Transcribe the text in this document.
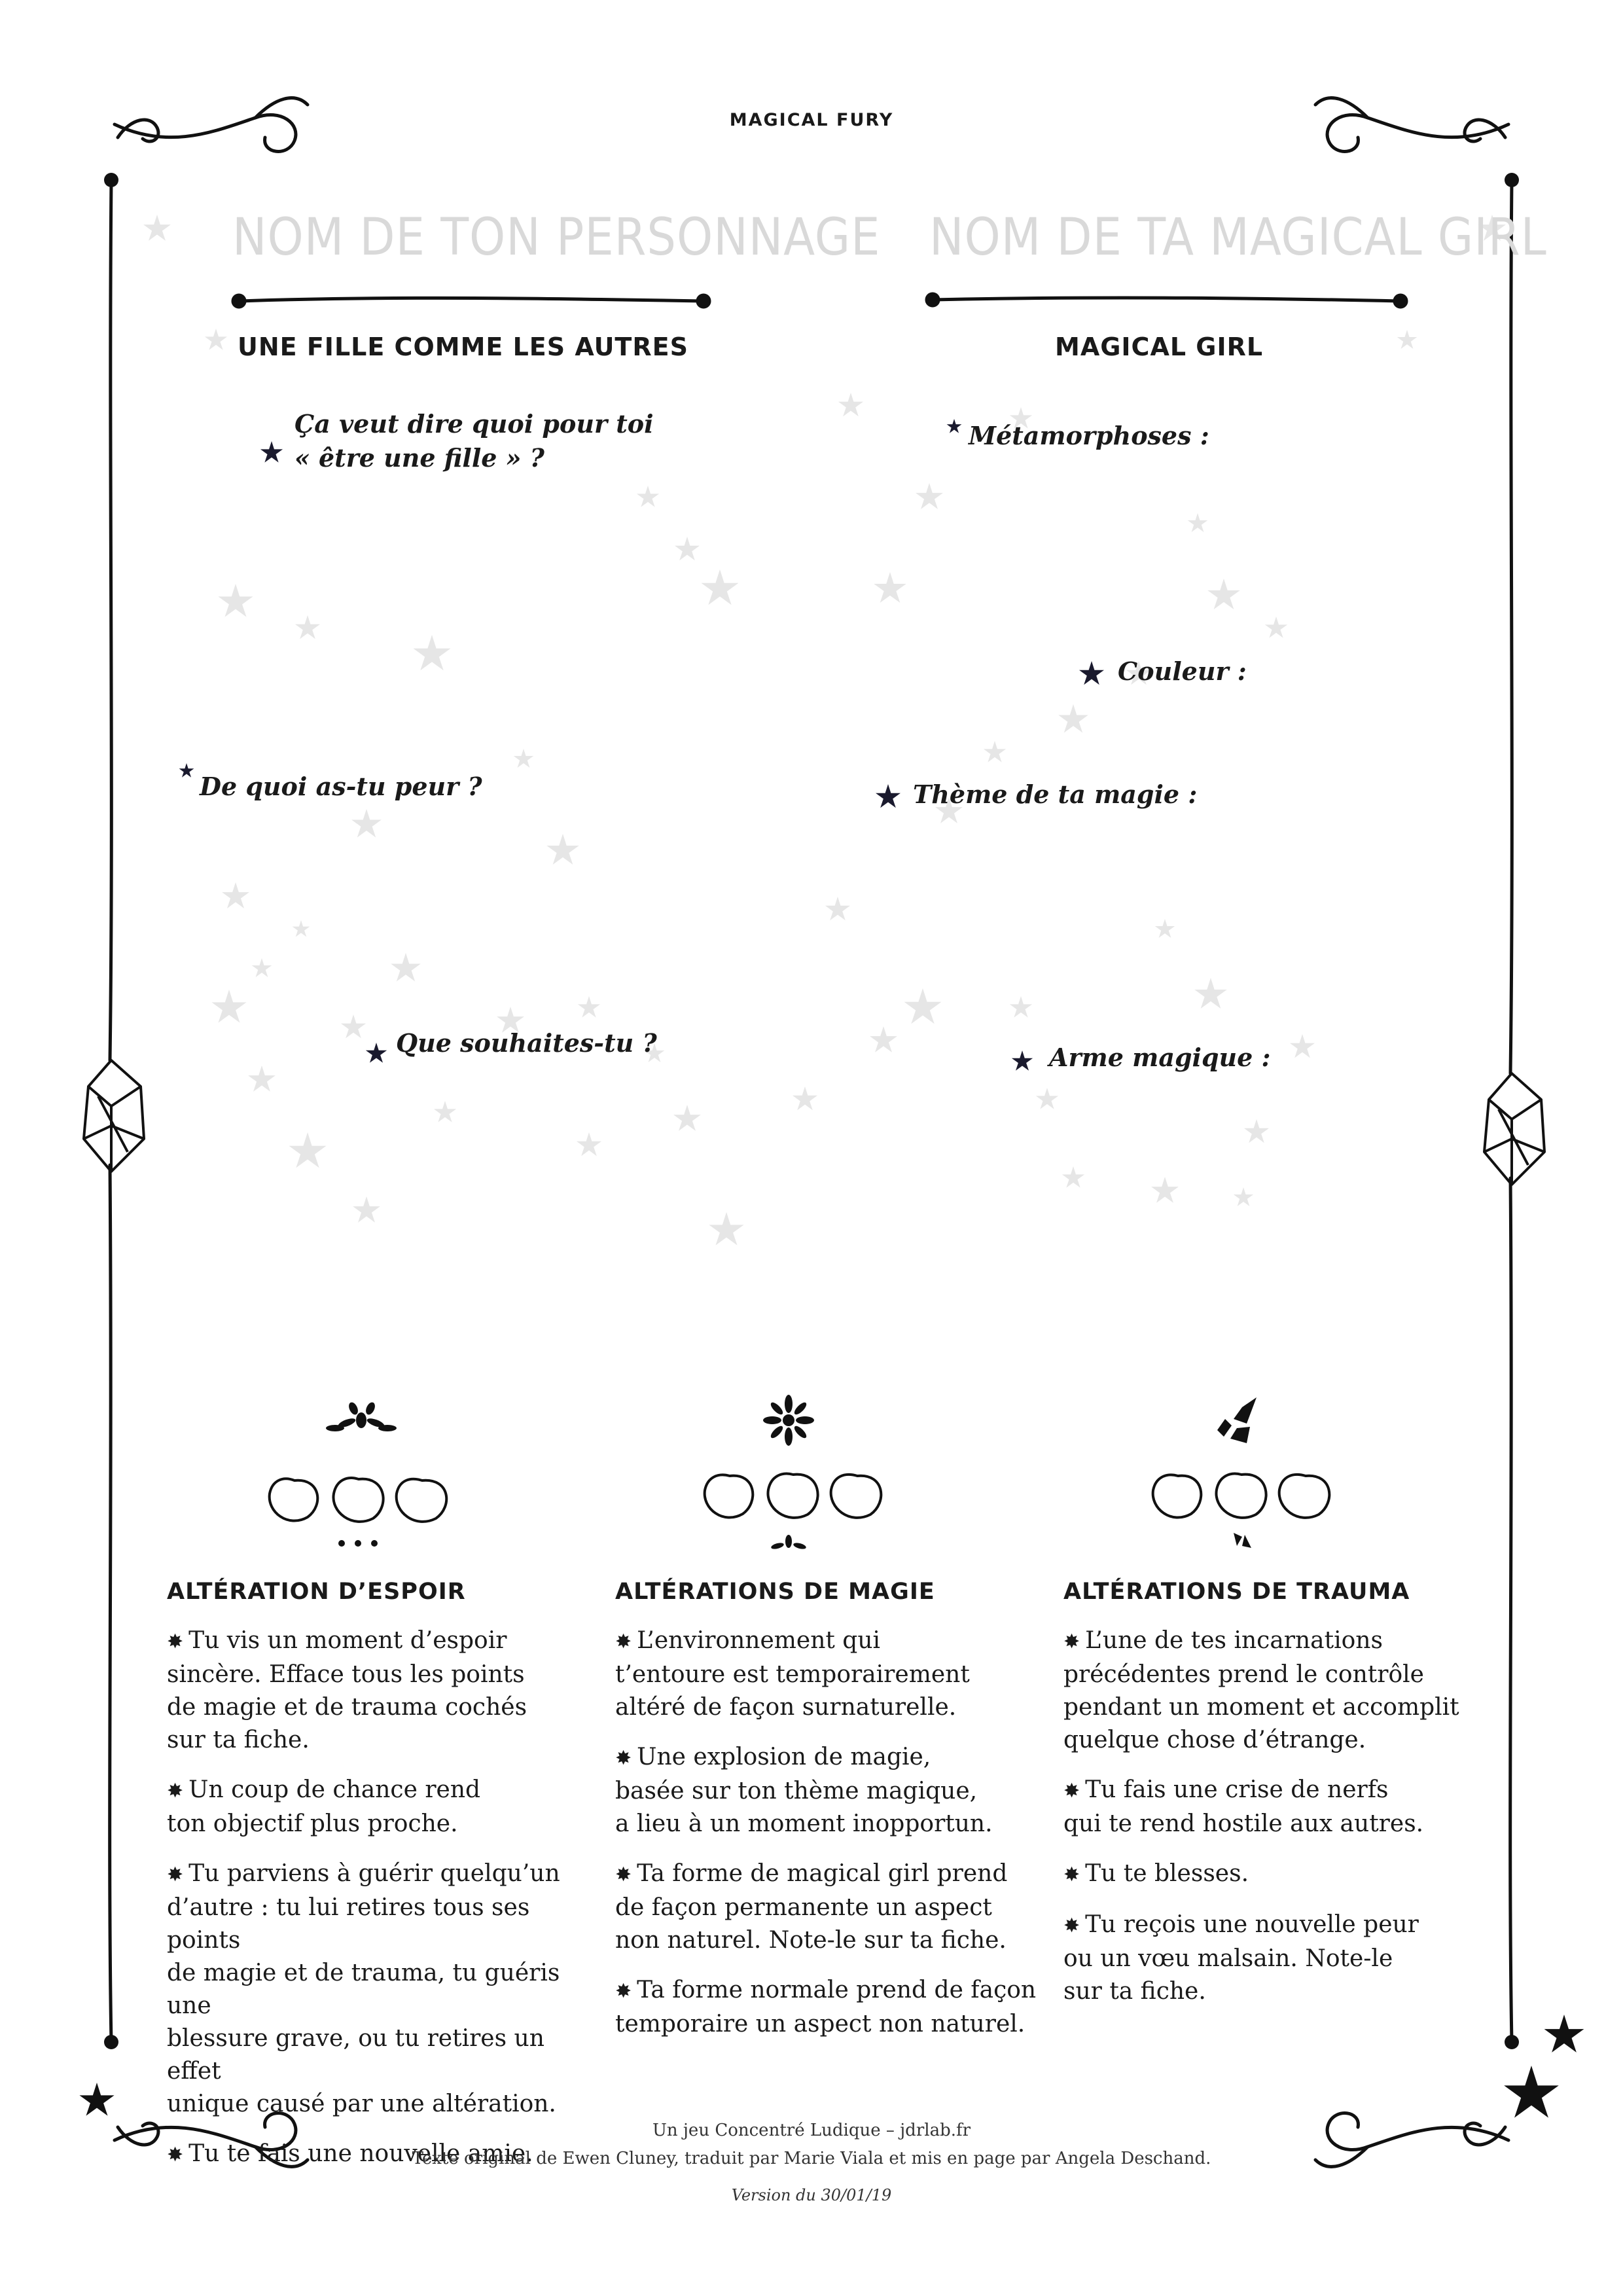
MAGICAL FURY
NOM DE TON PERSONNAGE NOM DE TA MAGICAL GIRL
UNE FILLE COMME LES AUTRES	MAGICAL GIRL
Ça veut dire quoi pour toi
« être une fille » ?
De quoi as-tu peur ?
Que souhaites-tu ?
Métamorphoses :
Couleur :
Thème de ta magie :
Arme magique :
ALTÉRATION D’ESPOIR
✸ Tu vis un moment d’espoir
sincère. Efface tous les points
de magie et de trauma cochés
sur ta fiche.
✸ Un coup de chance rend
ton objectif plus proche.
✸ Tu parviens à guérir quelqu’un
d’autre : tu lui retires tous ses points
de magie et de trauma, tu guéris une
blessure grave, ou tu retires un effet
unique causé par une altération.
✸ Tu te fais une nouvelle amie.
ALTÉRATIONS DE MAGIE
✸ L’environnement qui
t’entoure est temporairement
altéré de façon surnaturelle.
✸ Une explosion de magie,
basée sur ton thème magique,
a lieu à un moment inopportun.
✸ Ta forme de magical girl prend
de façon permanente un aspect
non naturel. Note-le sur ta fiche.
✸ Ta forme normale prend de façon
temporaire un aspect non naturel.
ALTÉRATIONS DE TRAUMA
✸ L’une de tes incarnations
précédentes prend le contrôle
pendant un moment et accomplit
quelque chose d’étrange.
✸ Tu fais une crise de nerfs
qui te rend hostile aux autres.
✸ Tu te blesses.
✸ Tu reçois une nouvelle peur
ou un vœu malsain. Note-le
sur ta fiche.
Un jeu Concentré Ludique – jdrlab.fr
Texte original de Ewen Cluney, traduit par Marie Viala et mis en page par Angela Deschand.
Version du 30/01/19
